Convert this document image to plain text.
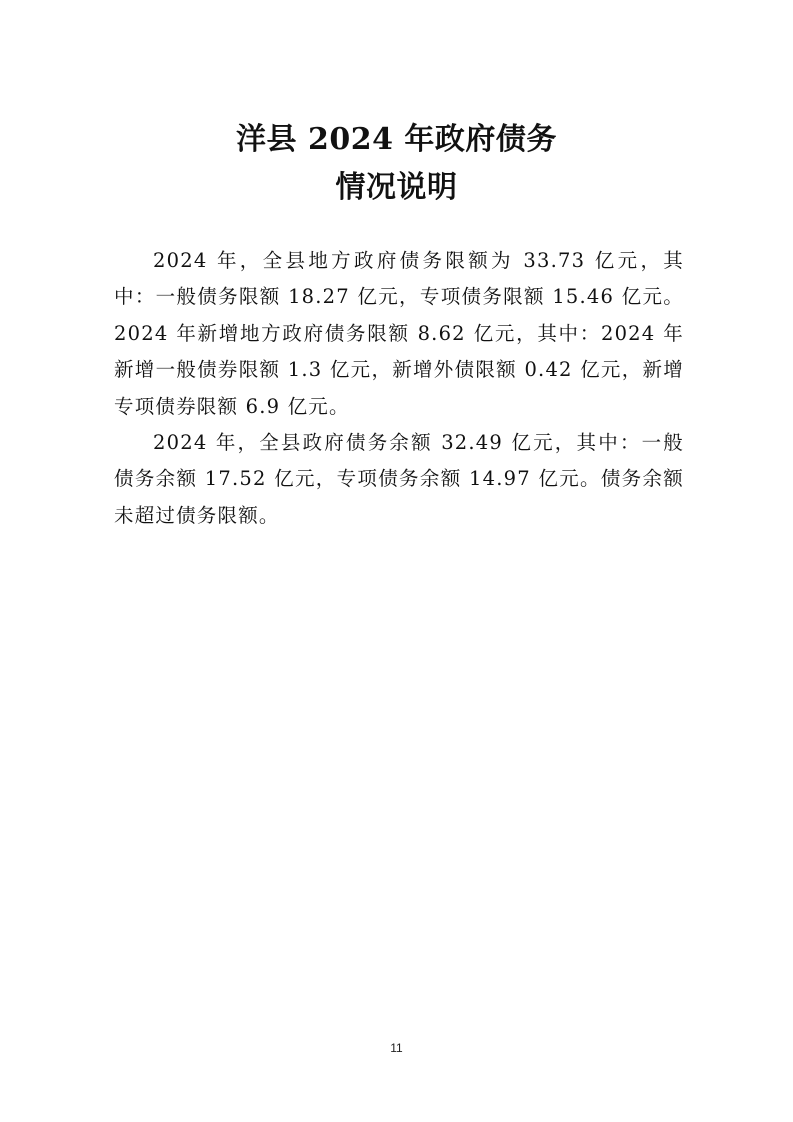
洋县 2024 年政府债务
情况说明

2024 年，全县地方政府债务限额为 33.73 亿元，其中：一般债务限额 18.27 亿元，专项债务限额 15.46 亿元。2024 年新增地方政府债务限额 8.62 亿元，其中：2024 年新增一般债券限额 1.3 亿元，新增外债限额 0.42 亿元，新增专项债券限额 6.9 亿元。

2024 年，全县政府债务余额 32.49 亿元，其中：一般债务余额 17.52 亿元，专项债务余额 14.97 亿元。债务余额未超过债务限额。

11
